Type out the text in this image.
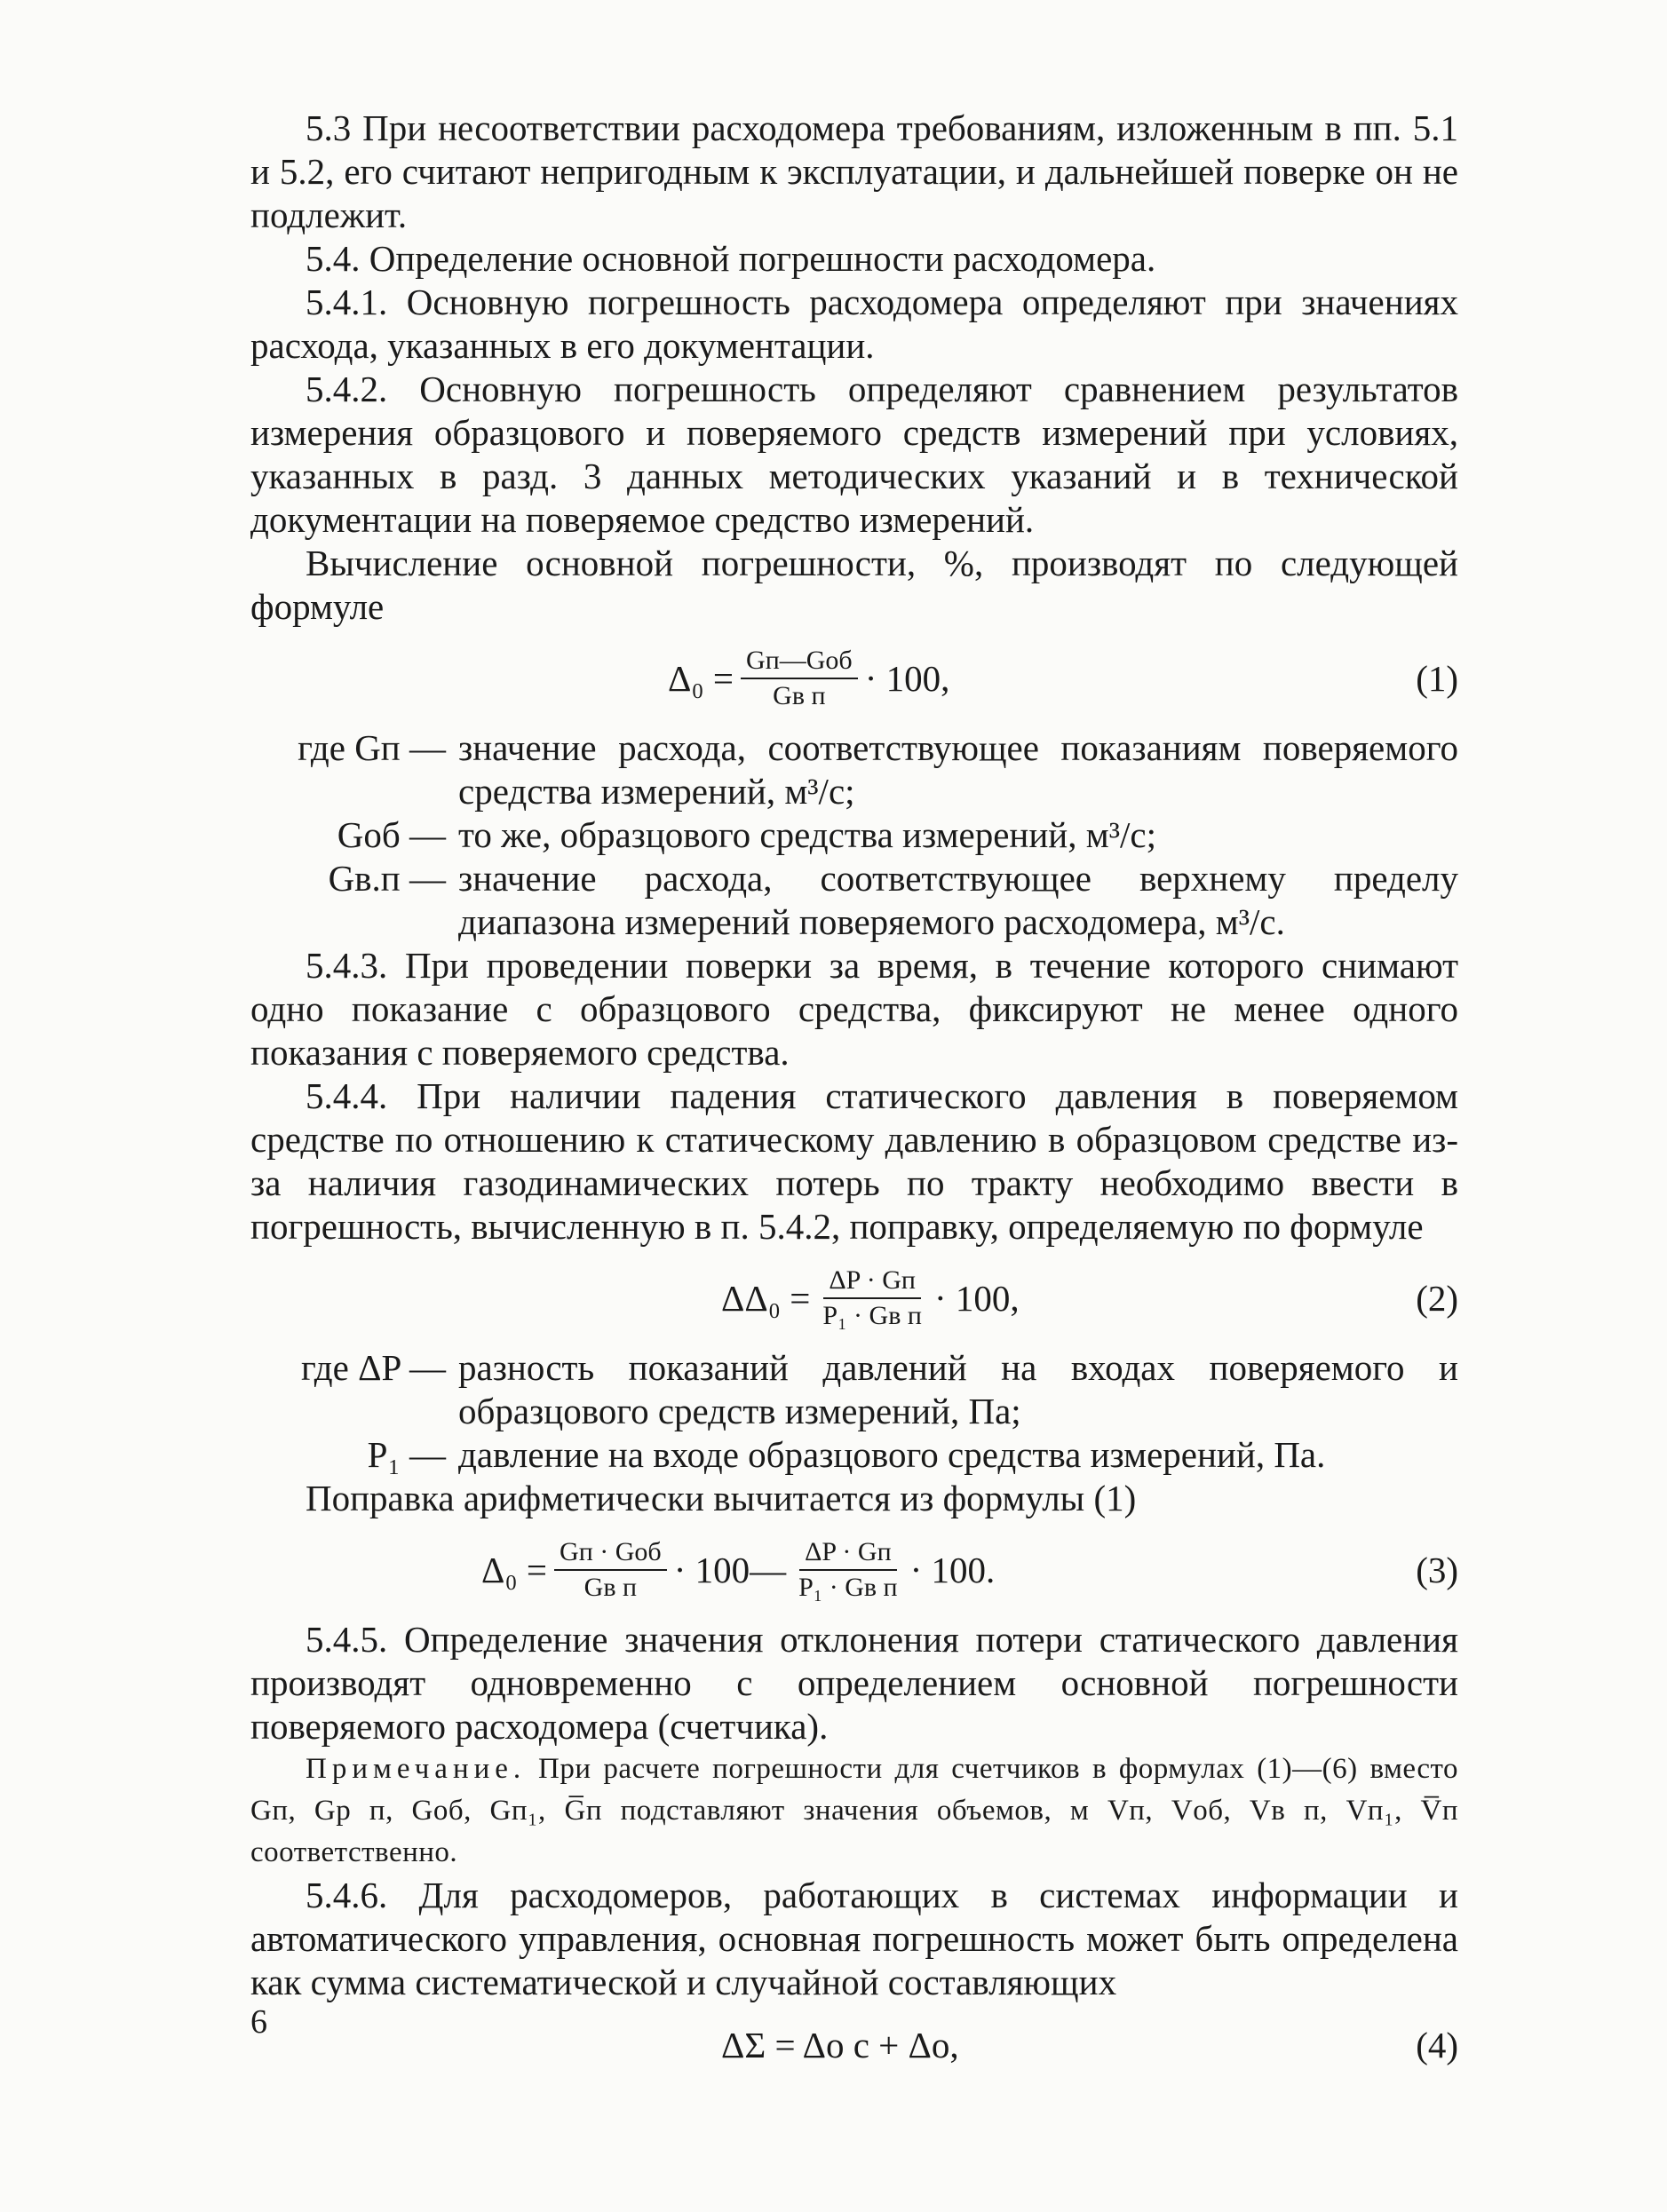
5.3 При несоответствии расходомера требованиям, изложенным в пп. 5.1 и 5.2, его считают непригодным к эксплуатации, и дальнейшей поверке он не подлежит.

5.4. Определение основной погрешности расходомера.

5.4.1. Основную погрешность расходомера определяют при значениях расхода, указанных в его документации.

5.4.2. Основную погрешность определяют сравнением результатов измерения образцового и поверяемого средств измерений при условиях, указанных в разд. 3 данных методических указаний и в технической документации на поверяемое средство измерений.

Вычисление основной погрешности, %, производят по следующей формуле

$\Delta_0 = \frac{\text{Gп—Gоб}}{\text{Gв п}} \cdot 100$,	(1)
где Gп — значение расхода, соответствующее показаниям поверяемого средства измерений, м³/с;
Gоб — то же, образцового средства измерений, м³/с;
Gв.п — значение расхода, соответствующее верхнему пределу диапазона измерений поверяемого расходомера, м³/с.

5.4.3. При проведении поверки за время, в течение которого снимают одно показание с образцового средства, фиксируют не менее одного показания с поверяемого средства.

5.4.4. При наличии падения статического давления в поверяемом средстве по отношению к статическому давлению в образцовом средстве из-за наличия газодинамических потерь по тракту необходимо ввести в погрешность, вычисленную в п. 5.4.2, поправку, определяемую по формуле

$\Delta\Delta_0 = \frac{\Delta P \cdot Gп}{\text{P₁ · Gв п}} \cdot 100$,	(2)
где ΔP — разность показаний давлений на входах поверяемого и образцового средств измерений, Па;
P₁ — давление на входе образцового средства измерений, Па.

Поправка арифметически вычитается из формулы (1)

$\Delta_0 = \frac{\text{Gп · Gоб}}{\text{Gв п}}$ · 100— $\frac{\Delta P \cdot Gп}{\text{P₁ · Gв п}} \cdot 100$.	(3)

5.4.5. Определение значения отклонения потери статического давления производят одновременно с определением основной погрешности поверяемого расходомера (счетчика).

Примечание. При расчете погрешности для счетчиков в формулах (1)—(6) вместо Gп, Gр п, Gоб, Gп₁, G̅п подставляют значения объемов, м Vп, Vоб, Vв п, Vп₁, V̅п соответственно.

5.4.6. Для расходомеров, работающих в системах информации и автоматического управления, основная погрешность может быть определена как сумма систематической и случайной составляющих

ΔΣ = Δо с + Δо,	(4)
6
